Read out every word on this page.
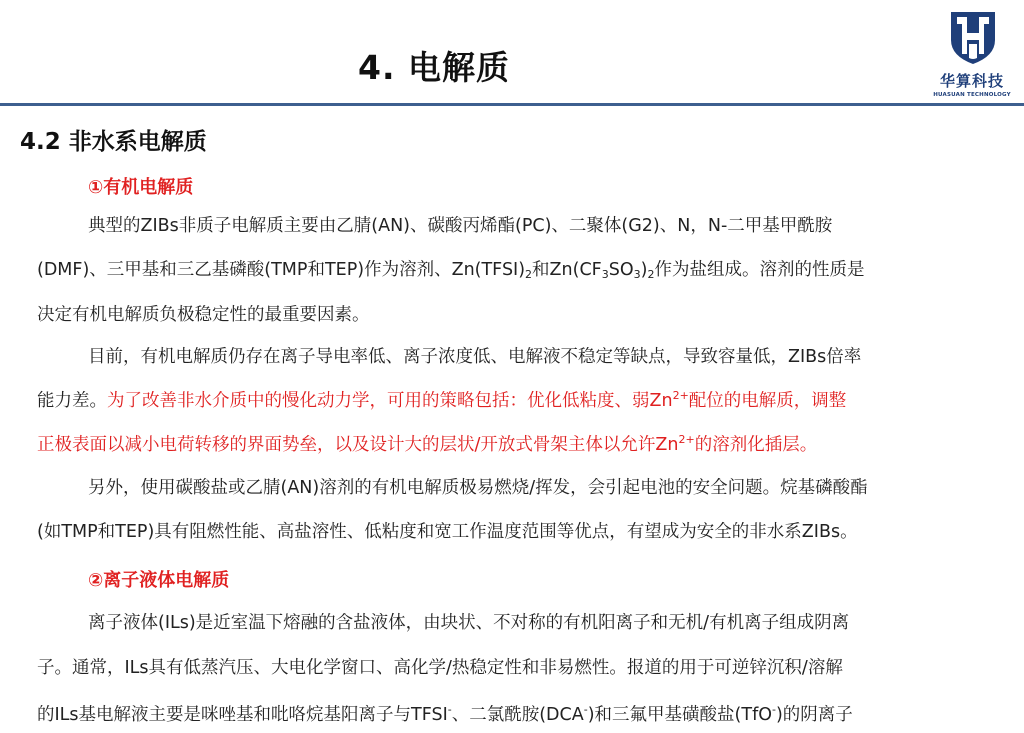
4. 电解质	华算科技
HUASUAN TECHNOLOGY
4.2 非水系电解质
①有机电解质
典型的ZIBs非质子电解质主要由乙腈(AN)、碳酸丙烯酯(PC)、二聚体(G2)、N，N-二甲基甲酰胺
(DMF)、三甲基和三乙基磷酸(TMP和TEP)作为溶剂、$Zn(TFSI)_2$和$Zn(CF_3SO_3)_2$作为盐组成。溶剂的性质是
决定有机电解质负极稳定性的最重要因素。
目前，有机电解质仍存在离子导电率低、离子浓度低、电解液不稳定等缺点，导致容量低，ZIBs倍率
能力差。为了改善非水介质中的慢化动力学，可用的策略包括：优化低粘度、弱$Zn^{2+}$配位的电解质，调整
正极表面以减小电荷转移的界面势垒，以及设计大的层状/开放式骨架主体以允许$Zn^{2+}$的溶剂化插层。
另外，使用碳酸盐或乙腈(AN)溶剂的有机电解质极易燃烧/挥发，会引起电池的安全问题。烷基磷酸酯
(如TMP和TEP)具有阻燃性能、高盐溶性、低粘度和宽工作温度范围等优点，有望成为安全的非水系ZIBs。
②离子液体电解质
离子液体(ILs)是近室温下熔融的含盐液体，由块状、不对称的有机阳离子和无机/有机离子组成阴离
子。通常，ILs具有低蒸汽压、大电化学窗口、高化学/热稳定性和非易燃性。报道的用于可逆锌沉积/溶解
的ILs基电解液主要是咪唑基和吡咯烷基阳离子与TFSI-、二氯酰胺(DCA-)和三氟甲基磺酸盐(TfO-)的阴离子
